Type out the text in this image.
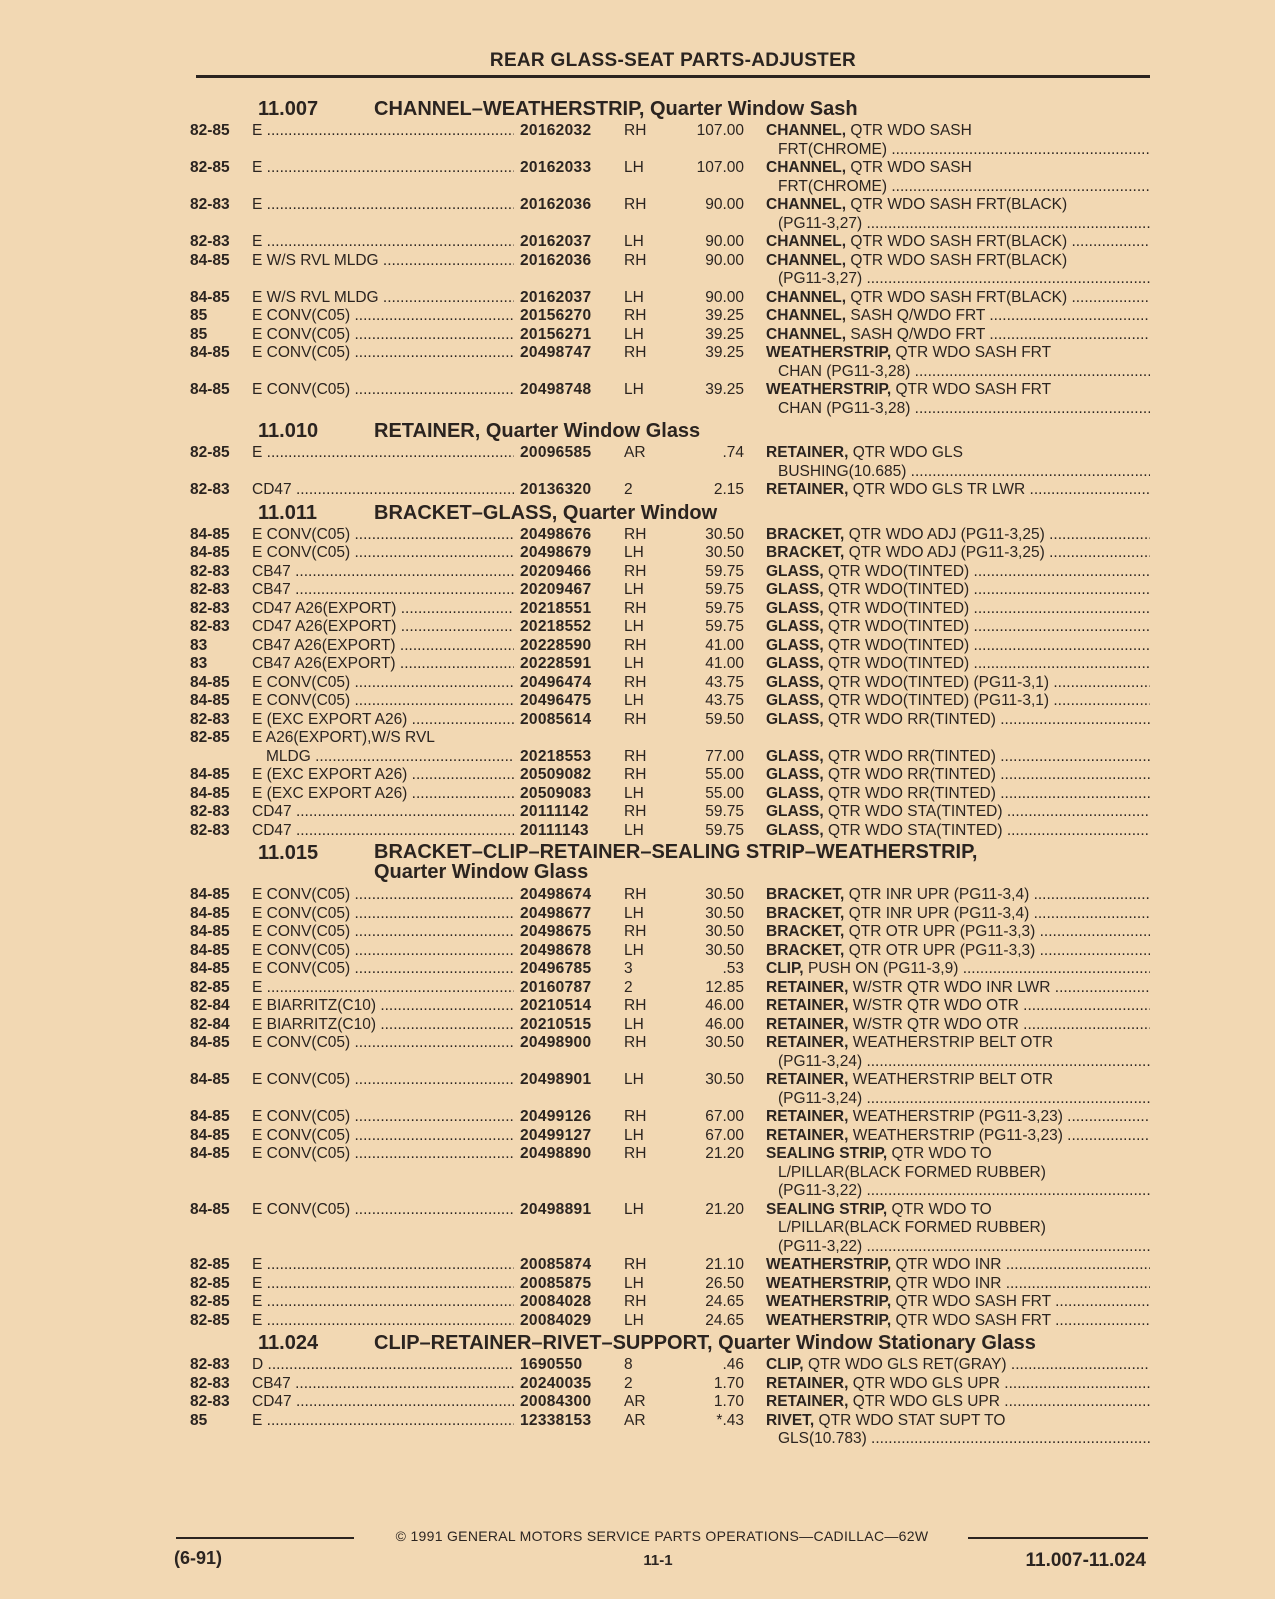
REAR GLASS-SEAT PARTS-ADJUSTER
11.007	CHANNEL–WEATHERSTRIP, Quarter Window Sash
82-85 E .....	20162032 RH	107.00 CHANNEL, QTR WDO SASH
FRT(CHROME) .....
82-85 E .....	20162033 LH	107.00 CHANNEL, QTR WDO SASH
FRT(CHROME) .....
82-83 E .....	20162036 RH	90.00 CHANNEL, QTR WDO SASH FRT(BLACK)
(PG11-3,27) .....
82-83 E .....	20162037 LH	90.00 CHANNEL, QTR WDO SASH FRT(BLACK) .....
84-85 E W/S RVL MLDG .....	20162036 RH	90.00 CHANNEL, QTR WDO SASH FRT(BLACK)
(PG11-3,27) .....
84-85 E W/S RVL MLDG .....	20162037 LH	90.00 CHANNEL, QTR WDO SASH FRT(BLACK) .....
85	E CONV(C05) .....	20156270 RH	39.25 CHANNEL, SASH Q/WDO FRT .....
85	E CONV(C05) .....	20156271 LH	39.25 CHANNEL, SASH Q/WDO FRT .....
84-85 E CONV(C05) .....	20498747 RH	39.25 WEATHERSTRIP, QTR WDO SASH FRT
CHAN (PG11-3,28) .....
84-85 E CONV(C05) .....	20498748 LH	39.25 WEATHERSTRIP, QTR WDO SASH FRT
CHAN (PG11-3,28) .....
11.010	RETAINER, Quarter Window Glass
82-85 E .....	20096585 AR	.74 RETAINER, QTR WDO GLS
BUSHING(10.685) .....
82-83 CD47 .....	20136320 2	2.15 RETAINER, QTR WDO GLS TR LWR .....
11.011	BRACKET–GLASS, Quarter Window
84-85 E CONV(C05) .....	20498676 RH	30.50 BRACKET, QTR WDO ADJ (PG11-3,25) .....
84-85 E CONV(C05) .....	20498679 LH	30.50 BRACKET, QTR WDO ADJ (PG11-3,25) .....
82-83 CB47 .....	20209466 RH	59.75 GLASS, QTR WDO(TINTED) .....
82-83 CB47 .....	20209467 LH	59.75 GLASS, QTR WDO(TINTED) .....
82-83 CD47 A26(EXPORT) .....	20218551 RH	59.75 GLASS, QTR WDO(TINTED) .....
82-83 CD47 A26(EXPORT) .....	20218552 LH	59.75 GLASS, QTR WDO(TINTED) .....
83	CB47 A26(EXPORT) .....	20228590 RH	41.00 GLASS, QTR WDO(TINTED) .....
83	CB47 A26(EXPORT) .....	20228591 LH	41.00 GLASS, QTR WDO(TINTED) .....
84-85 E CONV(C05) .....	20496474 RH	43.75 GLASS, QTR WDO(TINTED) (PG11-3,1) .....
84-85 E CONV(C05) .....	20496475 LH	43.75 GLASS, QTR WDO(TINTED) (PG11-3,1) .....
82-83 E (EXC EXPORT A26) .....	20085614 RH	59.50 GLASS, QTR WDO RR(TINTED) .....
82-85 E A26(EXPORT),W/S RVL
MLDG .....	20218553 RH	77.00 GLASS, QTR WDO RR(TINTED) .....
84-85 E (EXC EXPORT A26) .....	20509082 RH	55.00 GLASS, QTR WDO RR(TINTED) .....
84-85 E (EXC EXPORT A26) .....	20509083 LH	55.00 GLASS, QTR WDO RR(TINTED) .....
82-83 CD47 .....	20111142 RH	59.75 GLASS, QTR WDO STA(TINTED) .....
82-83 CD47 .....	20111143 LH	59.75 GLASS, QTR WDO STA(TINTED) .....
11.015	BRACKET–CLIP–RETAINER–SEALING STRIP–WEATHERSTRIP,
Quarter Window Glass
84-85 E CONV(C05) .....	20498674 RH	30.50 BRACKET, QTR INR UPR (PG11-3,4) .....
84-85 E CONV(C05) .....	20498677 LH	30.50 BRACKET, QTR INR UPR (PG11-3,4) .....
84-85 E CONV(C05) .....	20498675 RH	30.50 BRACKET, QTR OTR UPR (PG11-3,3) .....
84-85 E CONV(C05) .....	20498678 LH	30.50 BRACKET, QTR OTR UPR (PG11-3,3) .....
84-85 E CONV(C05) .....	20496785 3	.53 CLIP, PUSH ON (PG11-3,9) .....
82-85 E .....	20160787 2	12.85 RETAINER, W/STR QTR WDO INR LWR .....
82-84 E BIARRITZ(C10) .....	20210514 RH	46.00 RETAINER, W/STR QTR WDO OTR .....
82-84 E BIARRITZ(C10) .....	20210515 LH	46.00 RETAINER, W/STR QTR WDO OTR .....
84-85 E CONV(C05) .....	20498900 RH	30.50 RETAINER, WEATHERSTRIP BELT OTR
(PG11-3,24) .....
84-85 E CONV(C05) .....	20498901 LH	30.50 RETAINER, WEATHERSTRIP BELT OTR
(PG11-3,24) .....
84-85 E CONV(C05) .....	20499126 RH	67.00 RETAINER, WEATHERSTRIP (PG11-3,23) .....
84-85 E CONV(C05) .....	20499127 LH	67.00 RETAINER, WEATHERSTRIP (PG11-3,23) .....
84-85 E CONV(C05) .....	20498890 RH	21.20 SEALING STRIP, QTR WDO TO
L/PILLAR(BLACK FORMED RUBBER)
(PG11-3,22) .....
84-85 E CONV(C05) .....	20498891 LH	21.20 SEALING STRIP, QTR WDO TO
L/PILLAR(BLACK FORMED RUBBER)
(PG11-3,22) .....
82-85 E .....	20085874 RH	21.10 WEATHERSTRIP, QTR WDO INR .....
82-85 E .....	20085875 LH	26.50 WEATHERSTRIP, QTR WDO INR .....
82-85 E .....	20084028 RH	24.65 WEATHERSTRIP, QTR WDO SASH FRT .....
82-85 E .....	20084029 LH	24.65 WEATHERSTRIP, QTR WDO SASH FRT .....
11.024	CLIP–RETAINER–RIVET–SUPPORT, Quarter Window Stationary Glass
82-83 D .....	1690550	8	.46 CLIP, QTR WDO GLS RET(GRAY) .....
82-83 CB47 .....	20240035 2	1.70 RETAINER, QTR WDO GLS UPR .....
82-83 CD47 .....	20084300 AR	1.70 RETAINER, QTR WDO GLS UPR .....
85	E .....	12338153 AR	*.43 RIVET, QTR WDO STAT SUPT TO
GLS(10.783) .....
© 1991 GENERAL MOTORS SERVICE PARTS OPERATIONS—CADILLAC—62W
(6-91)	11-1	11.007-11.024
